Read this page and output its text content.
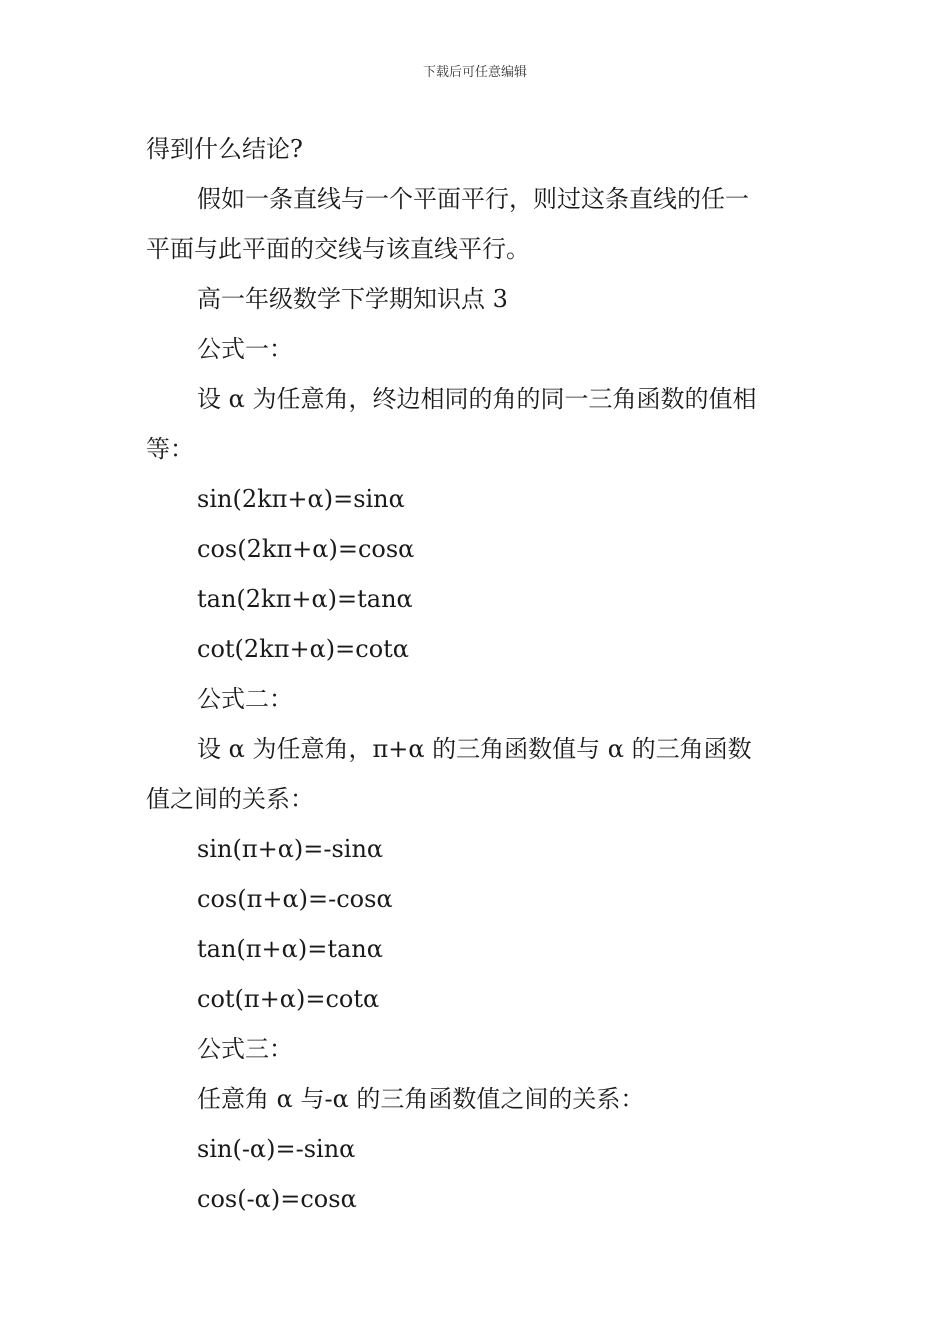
下载后可任意编辑
得到什么结论?
假如一条直线与一个平面平行，则过这条直线的任一
平面与此平面的交线与该直线平行。
高一年级数学下学期知识点 3
公式一：
设 α 为任意角，终边相同的角的同一三角函数的值相
等：
sin(2kπ+α)=sinα
cos(2kπ+α)=cosα
tan(2kπ+α)=tanα
cot(2kπ+α)=cotα
公式二：
设 α 为任意角，π+α 的三角函数值与 α 的三角函数
值之间的关系：
sin(π+α)=-sinα
cos(π+α)=-cosα
tan(π+α)=tanα
cot(π+α)=cotα
公式三：
任意角 α 与-α 的三角函数值之间的关系：
sin(-α)=-sinα
cos(-α)=cosα
